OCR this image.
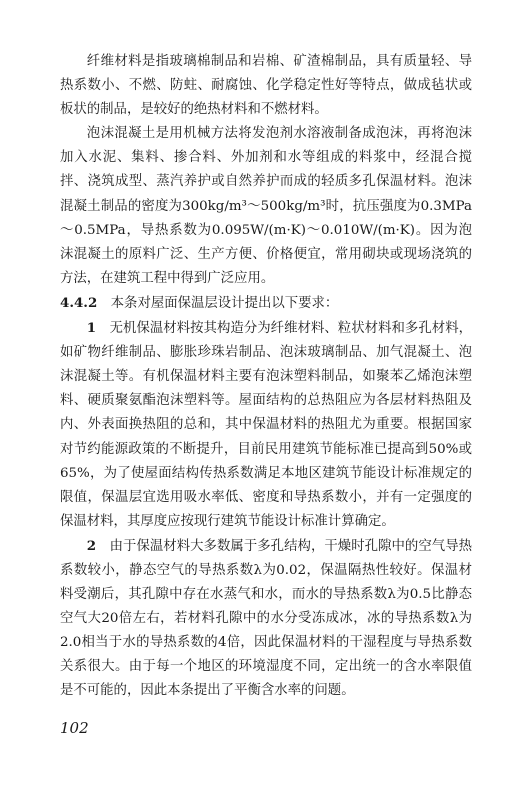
纤维材料是指玻璃棉制品和岩棉、矿渣棉制品，具有质量轻、导热系数小、不燃、防蛀、耐腐蚀、化学稳定性好等特点，做成毡状或板状的制品，是较好的绝热材料和不燃材料。

泡沫混凝土是用机械方法将发泡剂水溶液制备成泡沫，再将泡沫加入水泥、集料、掺合料、外加剂和水等组成的料浆中，经混合搅拌、浇筑成型、蒸汽养护或自然养护而成的轻质多孔保温材料。泡沫混凝土制品的密度为300kg/m³～500kg/m³时，抗压强度为0.3MPa～0.5MPa，导热系数为0.095W/(m·K)～0.010W/(m·K)。因为泡沫混凝土的原料广泛、生产方便、价格便宜，常用砌块或现场浇筑的方法，在建筑工程中得到广泛应用。

4.4.2　 本条对屋面保温层设计提出以下要求：

1　 无机保温材料按其构造分为纤维材料、粒状材料和多孔材料，如矿物纤维制品、膨胀珍珠岩制品、泡沫玻璃制品、加气混凝土、泡沫混凝土等。有机保温材料主要有泡沫塑料制品，如聚苯乙烯泡沫塑料、硬质聚氨酯泡沫塑料等。屋面结构的总热阻应为各层材料热阻及内、外表面换热阻的总和，其中保温材料的热阻尤为重要。根据国家对节约能源政策的不断提升，目前民用建筑节能标准已提高到50%或65%，为了使屋面结构传热系数满足本地区建筑节能设计标准规定的限值，保温层宜选用吸水率低、密度和导热系数小，并有一定强度的保温材料，其厚度应按现行建筑节能设计标准计算确定。

2　 由于保温材料大多数属于多孔结构，干燥时孔隙中的空气导热系数较小，静态空气的导热系数λ为0.02，保温隔热性较好。保温材料受潮后，其孔隙中存在水蒸气和水，而水的导热系数λ为0.5比静态空气大20倍左右，若材料孔隙中的水分受冻成冰，冰的导热系数λ为2.0相当于水的导热系数的4倍，因此保温材料的干湿程度与导热系数关系很大。由于每一个地区的环境湿度不同，定出统一的含水率限值是不可能的，因此本条提出了平衡含水率的问题。

102
